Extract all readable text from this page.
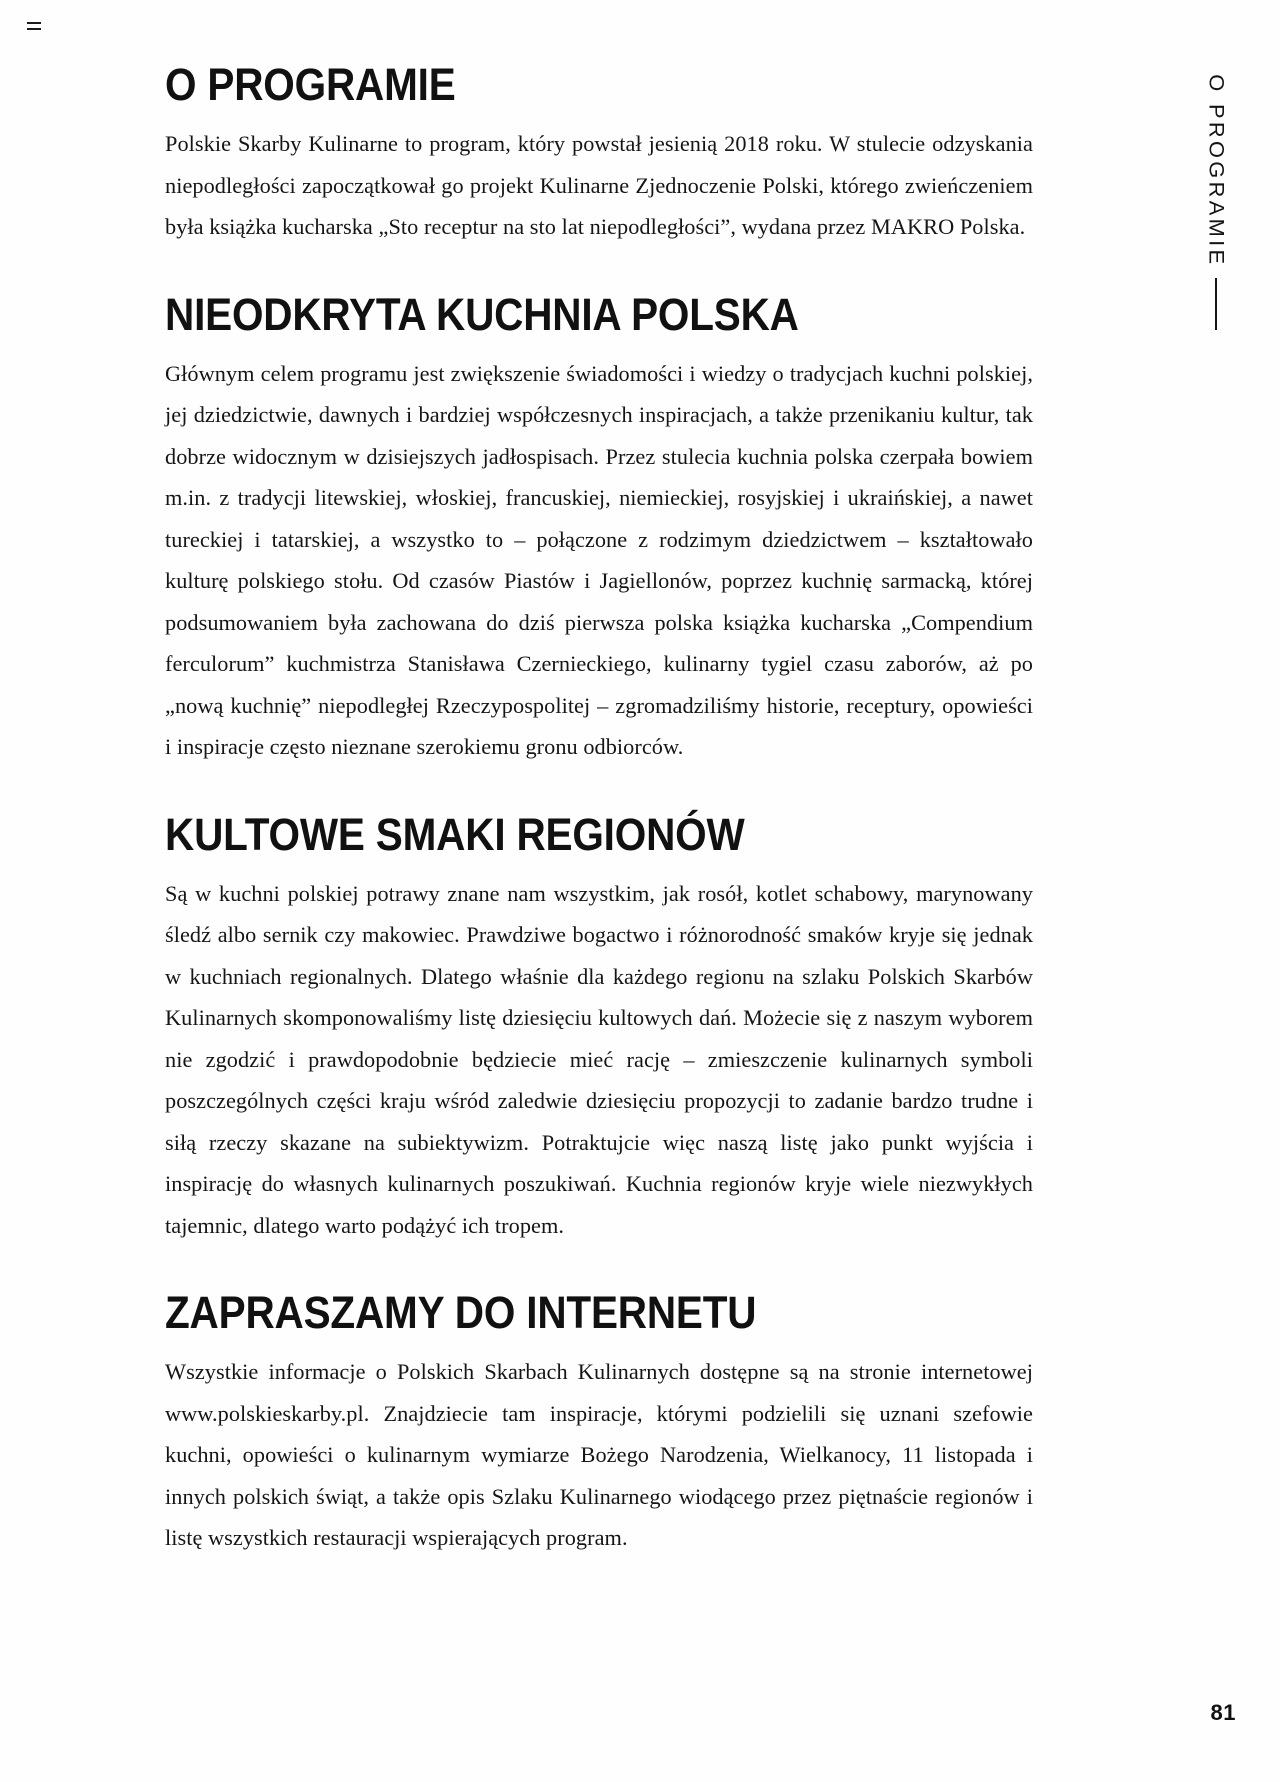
O PROGRAMIE
O PROGRAMIE

Polskie Skarby Kulinarne to program, który powstał jesienią 2018 roku. W stulecie odzyskania niepodległości zapoczątkował go projekt Kulinarne Zjednoczenie Polski, którego zwieńczeniem była książka kucharska „Sto receptur na sto lat niepodległości”, wydana przez MAKRO Polska.

NIEODKRYTA KUCHNIA POLSKA

Głównym celem programu jest zwiększenie świadomości i wiedzy o tradycjach kuchni polskiej, jej dziedzictwie, dawnych i bardziej współczesnych inspiracjach, a także przenikaniu kultur, tak dobrze widocznym w dzisiejszych jadłospisach. Przez stulecia kuchnia polska czerpała bowiem m.in. z tradycji litewskiej, włoskiej, francuskiej, niemieckiej, rosyjskiej i ukraińskiej, a nawet tureckiej i tatarskiej, a wszystko to – połączone z rodzimym dziedzictwem – kształtowało kulturę polskiego stołu. Od czasów Piastów i Jagiellonów, poprzez kuchnię sarmacką, której podsumowaniem była zachowana do dziś pierwsza polska książka kucharska „Compendium ferculorum” kuchmistrza Stanisława Czernieckiego, kulinarny tygiel czasu zaborów, aż po „nową kuchnię” niepodległej Rzeczypospolitej – zgromadziliśmy historie, receptury, opowieści i inspiracje często nieznane szerokiemu gronu odbiorców.

KULTOWE SMAKI REGIONÓW

Są w kuchni polskiej potrawy znane nam wszystkim, jak rosół, kotlet schabowy, marynowany śledź albo sernik czy makowiec. Prawdziwe bogactwo i różnorodność smaków kryje się jednak w kuchniach regionalnych. Dlatego właśnie dla każdego regionu na szlaku Polskich Skarbów Kulinarnych skomponowaliśmy listę dziesięciu kultowych dań. Możecie się z naszym wyborem nie zgodzić i prawdopodobnie będziecie mieć rację – zmieszczenie kulinarnych symboli poszczególnych części kraju wśród zaledwie dziesięciu propozycji to zadanie bardzo trudne i siłą rzeczy skazane na subiektywizm. Potraktujcie więc naszą listę jako punkt wyjścia i inspirację do własnych kulinarnych poszukiwań. Kuchnia regionów kryje wiele niezwykłych tajemnic, dlatego warto podążyć ich tropem.

ZAPRASZAMY DO INTERNETU

Wszystkie informacje o Polskich Skarbach Kulinarnych dostępne są na stronie internetowej www.polskieskarby.pl. Znajdziecie tam inspiracje, którymi podzielili się uznani szefowie kuchni, opowieści o kulinarnym wymiarze Bożego Narodzenia, Wielkanocy, 11 listopada i innych polskich świąt, a także opis Szlaku Kulinarnego wiodącego przez piętnaście regionów i listę wszystkich restauracji wspierających program.

81
